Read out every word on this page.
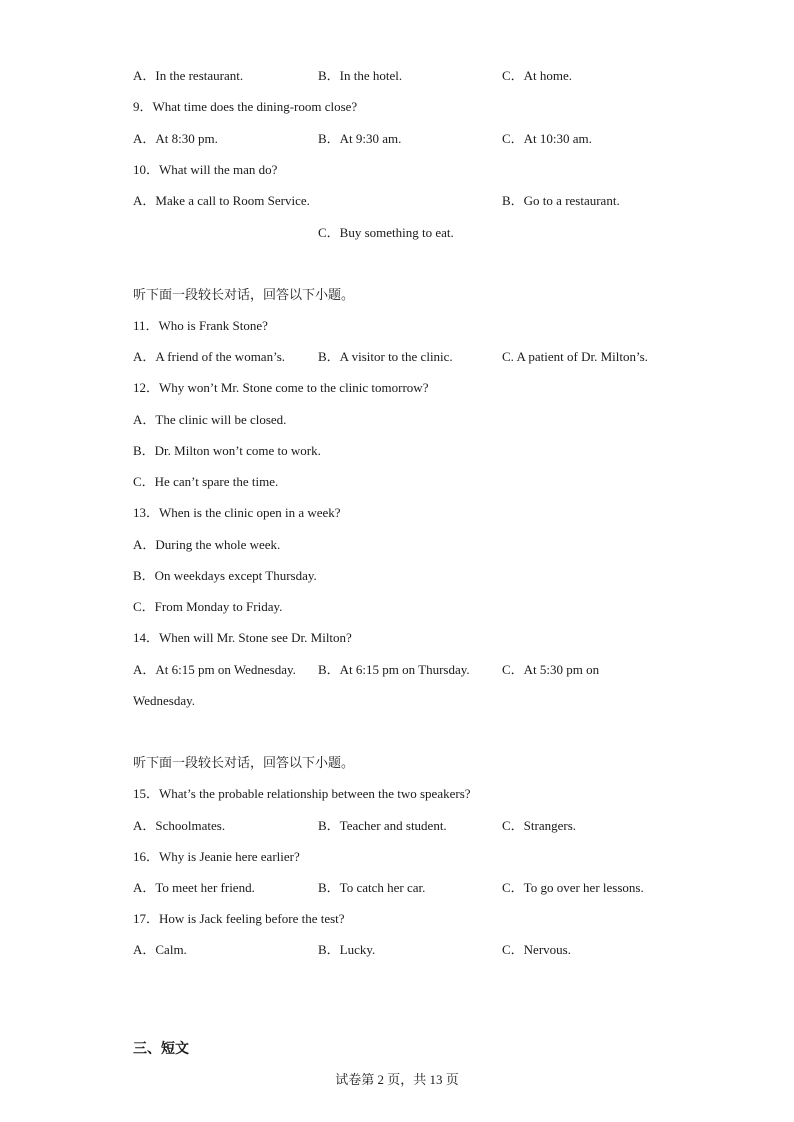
A．In the restaurant.	B．In the hotel.	C．At home.
9．What time does the dining-room close?
A．At 8:30 pm.	B．At 9:30 am.	C．At 10:30 am.
10．What will the man do?
A．Make a call to Room Service.	B．Go to a restaurant.
C．Buy something to eat.
听下面一段较长对话，回答以下小题。
11．Who is Frank Stone?
A．A friend of the woman’s.	B．A visitor to the clinic.	C. A patient of Dr. Milton’s.
12．Why won’t Mr. Stone come to the clinic tomorrow?
A．The clinic will be closed.
B．Dr. Milton won’t come to work.
C．He can’t spare the time.
13．When is the clinic open in a week?
A．During the whole week.
B．On weekdays except Thursday.
C．From Monday to Friday.
14．When will Mr. Stone see Dr. Milton?
A．At 6:15 pm on Wednesday. B．At 6:15 pm on Thursday. C．At 5:30 pm on
Wednesday.
听下面一段较长对话，回答以下小题。
15．What’s the probable relationship between the two speakers?
A．Schoolmates.	B．Teacher and student.	C．Strangers.
16．Why is Jeanie here earlier?
A．To meet her friend.	B．To catch her car.	C．To go over her lessons.
17．How is Jack feeling before the test?
A．Calm.	B．Lucky.	C．Nervous.
三、短文
试卷第 2 页，共 13 页
